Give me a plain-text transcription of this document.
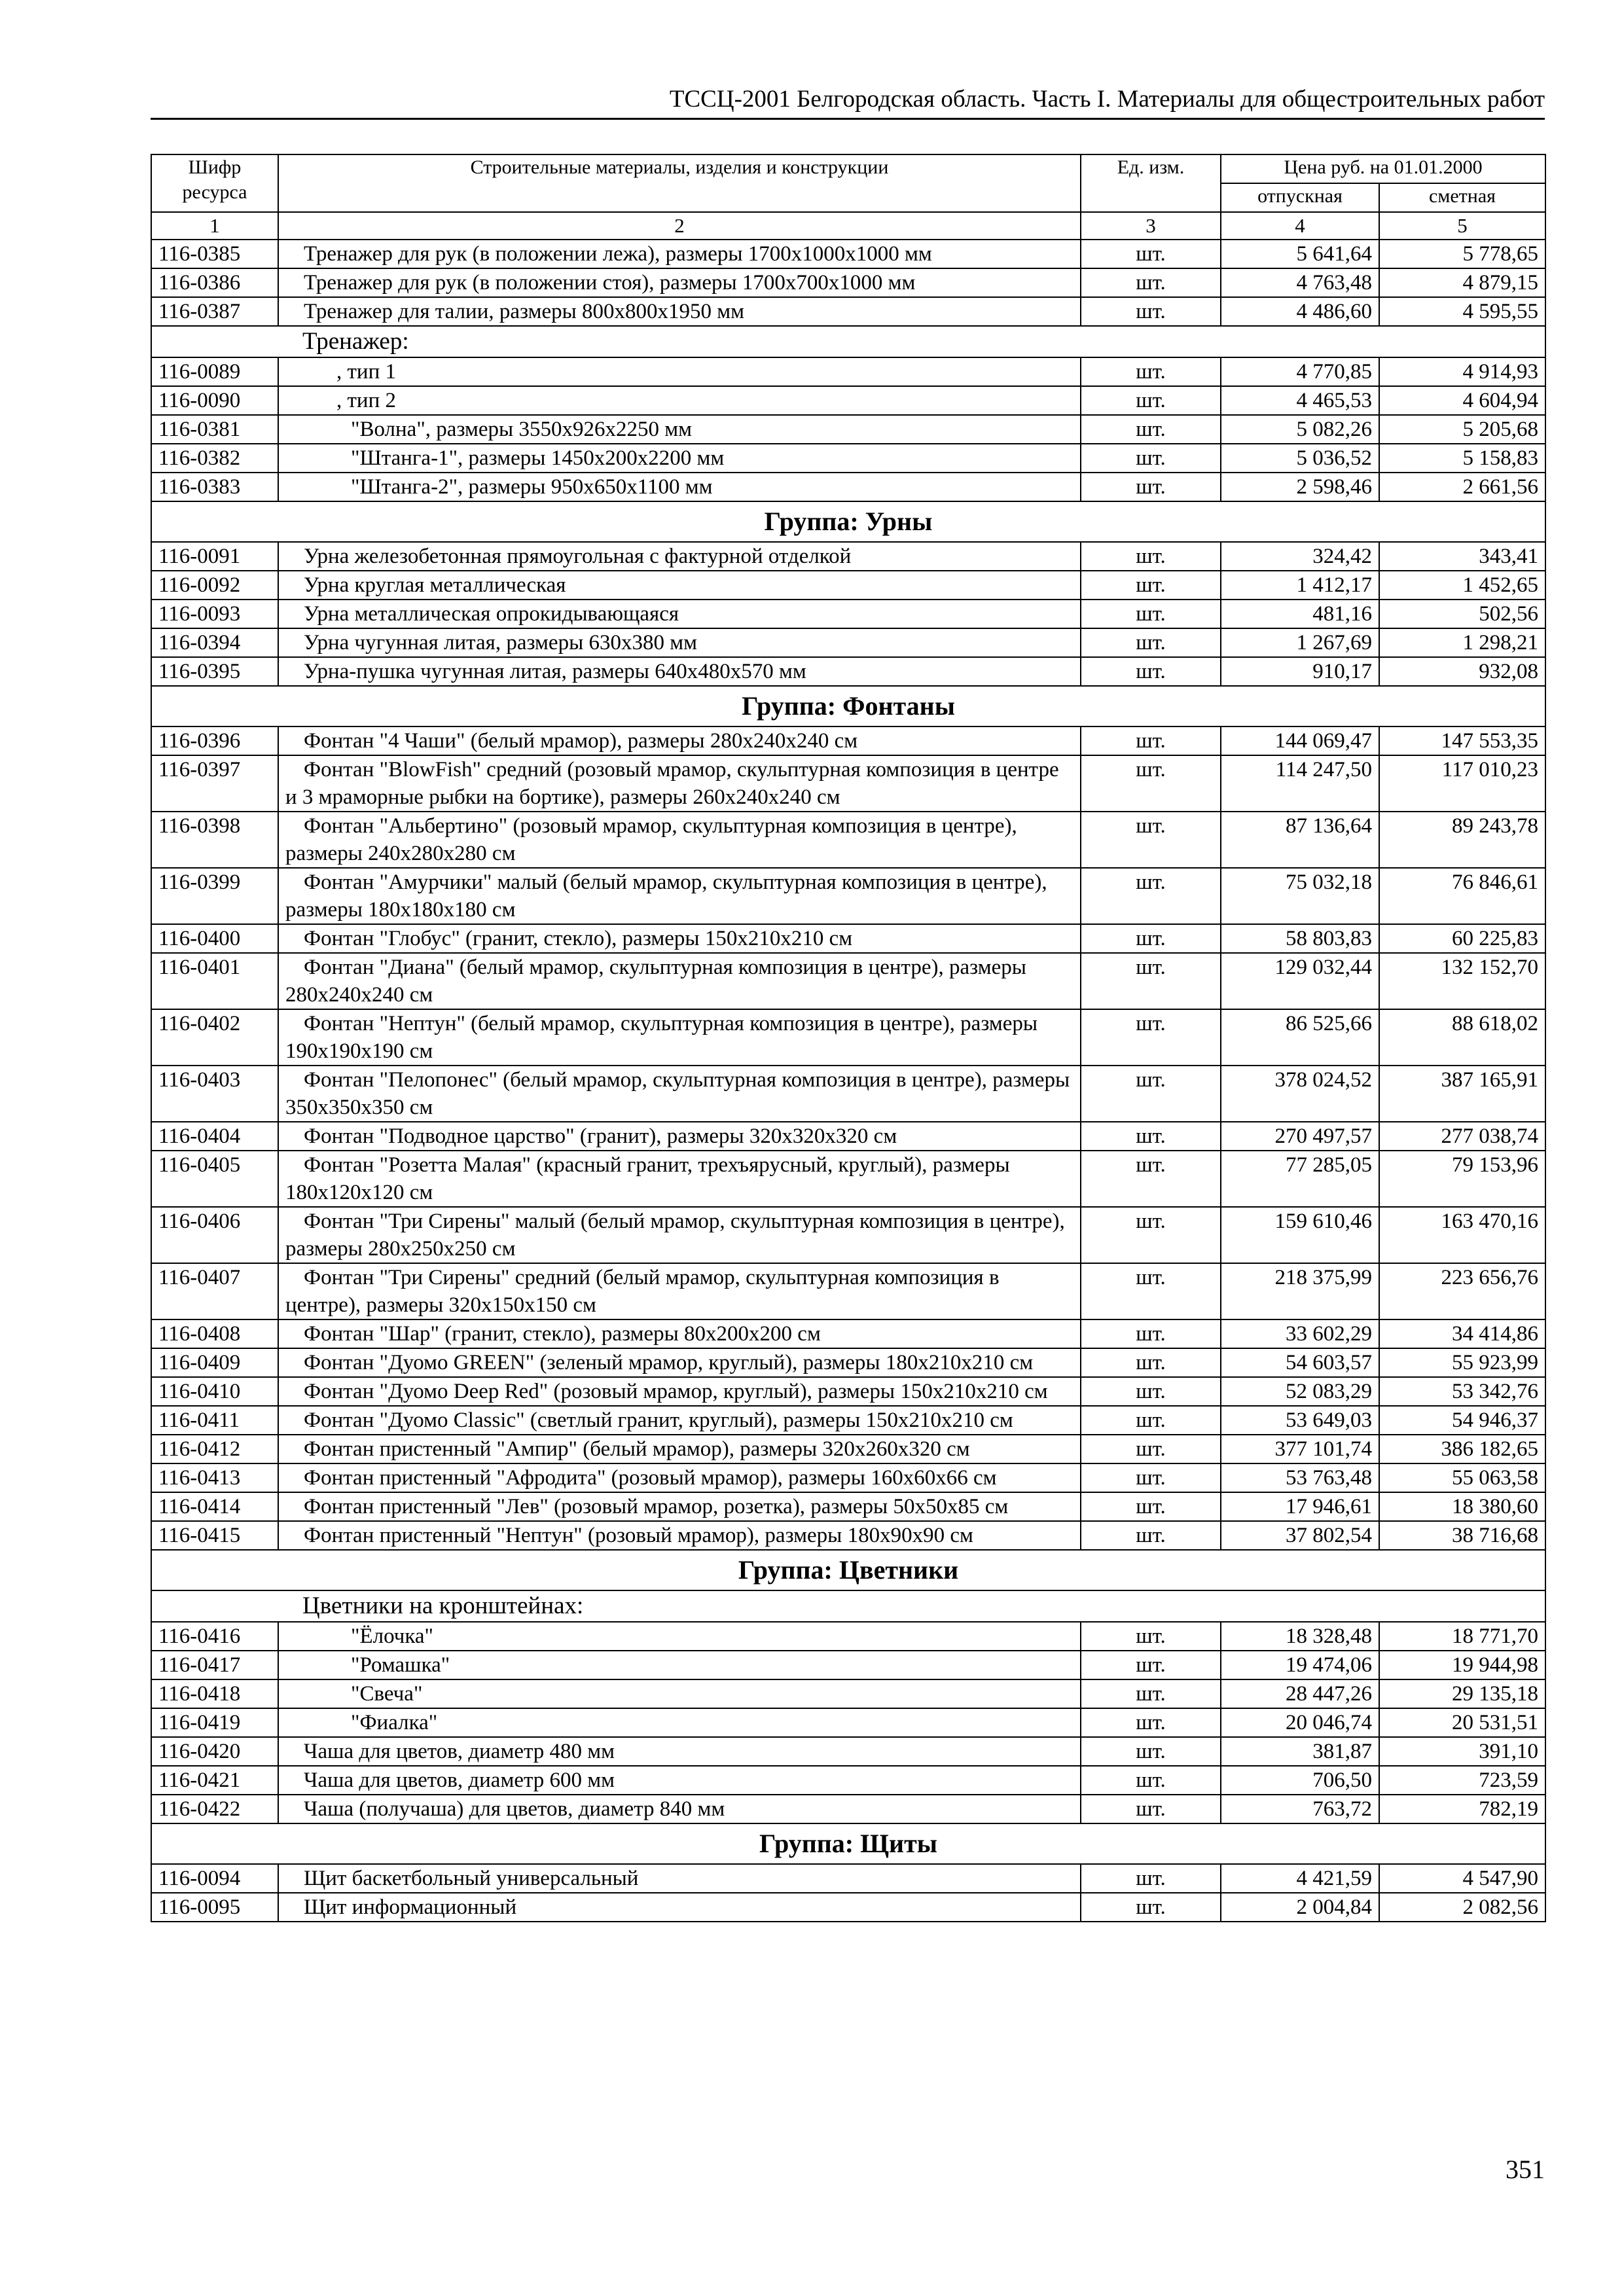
ТССЦ-2001 Белгородская область. Часть I. Материалы для общестроительных работ
Шифр ресурса	Строительные материалы, изделия и конструкции	Ед. изм.	Цена руб. на 01.01.2000	
			отпускная	сметная
1	2	3	4	5
116-0385	Тренажер для рук (в положении лежа), размеры 1700x1000x1000 мм	шт.	5 641,64	5 778,65
116-0386	Тренажер для рук (в положении стоя), размеры 1700x700x1000 мм	шт.	4 763,48	4 879,15
116-0387	Тренажер для талии, размеры 800x800x1950 мм	шт.	4 486,60	4 595,55
Тренажер:				
116-0089	, тип 1	шт.	4 770,85	4 914,93
116-0090	, тип 2	шт.	4 465,53	4 604,94
116-0381	"Волна", размеры 3550x926x2250 мм	шт.	5 082,26	5 205,68
116-0382	"Штанга-1", размеры 1450x200x2200 мм	шт.	5 036,52	5 158,83
116-0383	"Штанга-2", размеры 950x650x1100 мм	шт.	2 598,46	2 661,56
Группа: Урны				
116-0091	Урна железобетонная прямоугольная с фактурной отделкой	шт.	324,42	343,41
116-0092	Урна круглая металлическая	шт.	1 412,17	1 452,65
116-0093	Урна металлическая опрокидывающаяся	шт.	481,16	502,56
116-0394	Урна чугунная литая, размеры 630x380 мм	шт.	1 267,69	1 298,21
116-0395	Урна-пушка чугунная литая, размеры 640x480x570 мм	шт.	910,17	932,08
Группа: Фонтаны				
116-0396	Фонтан "4 Чаши" (белый мрамор), размеры 280x240x240 см	шт.	144 069,47	147 553,35
116-0397	Фонтан "BlowFish" средний (розовый мрамор, скульптурная композиция в центре и 3 мраморные рыбки на бортике), размеры 260x240x240 см	шт.	114 247,50	117 010,23
116-0398	Фонтан "Альбертино" (розовый мрамор, скульптурная композиция в центре), размеры 240x280x280 см	шт.	87 136,64	89 243,78
116-0399	Фонтан "Амурчики" малый (белый мрамор, скульптурная композиция в центре), размеры 180x180x180 см	шт.	75 032,18	76 846,61
116-0400	Фонтан "Глобус" (гранит, стекло), размеры 150x210x210 см	шт.	58 803,83	60 225,83
116-0401	Фонтан "Диана" (белый мрамор, скульптурная композиция в центре), размеры 280x240x240 см	шт.	129 032,44	132 152,70
116-0402	Фонтан "Нептун" (белый мрамор, скульптурная композиция в центре), размеры 190x190x190 см	шт.	86 525,66	88 618,02
116-0403	Фонтан "Пелопонес" (белый мрамор, скульптурная композиция в центре), размеры 350x350x350 см	шт.	378 024,52	387 165,91
116-0404	Фонтан "Подводное царство" (гранит), размеры 320x320x320 см	шт.	270 497,57	277 038,74
116-0405	Фонтан "Розетта Малая" (красный гранит, трехъярусный, круглый), размеры 180x120x120 см	шт.	77 285,05	79 153,96
116-0406	Фонтан "Три Сирены" малый (белый мрамор, скульптурная композиция в центре), размеры 280x250x250 см	шт.	159 610,46	163 470,16
116-0407	Фонтан "Три Сирены" средний (белый мрамор, скульптурная композиция в центре), размеры 320x150x150 см	шт.	218 375,99	223 656,76
116-0408	Фонтан "Шар" (гранит, стекло), размеры 80x200x200 см	шт.	33 602,29	34 414,86
116-0409	Фонтан "Дуомо GREEN" (зеленый мрамор, круглый), размеры 180x210x210 см	шт.	54 603,57	55 923,99
116-0410	Фонтан "Дуомо Deep Red" (розовый мрамор, круглый), размеры 150x210x210 см	шт.	52 083,29	53 342,76
116-0411	Фонтан "Дуомо Classic" (светлый гранит, круглый), размеры 150x210x210 см	шт.	53 649,03	54 946,37
116-0412	Фонтан пристенный "Ампир" (белый мрамор), размеры 320x260x320 см	шт.	377 101,74	386 182,65
116-0413	Фонтан пристенный "Афродита" (розовый мрамор), размеры 160x60x66 см	шт.	53 763,48	55 063,58
116-0414	Фонтан пристенный "Лев" (розовый мрамор, розетка), размеры 50x50x85 см	шт.	17 946,61	18 380,60
116-0415	Фонтан пристенный "Нептун" (розовый мрамор), размеры 180x90x90 см	шт.	37 802,54	38 716,68
Группа: Цветники				
Цветники на кронштейнах:				
116-0416	"Ёлочка"	шт.	18 328,48	18 771,70
116-0417	"Ромашка"	шт.	19 474,06	19 944,98
116-0418	"Свеча"	шт.	28 447,26	29 135,18
116-0419	"Фиалка"	шт.	20 046,74	20 531,51
116-0420	Чаша для цветов, диаметр 480 мм	шт.	381,87	391,10
116-0421	Чаша для цветов, диаметр 600 мм	шт.	706,50	723,59
116-0422	Чаша (получаша) для цветов, диаметр 840 мм	шт.	763,72	782,19
Группа: Щиты				
116-0094	Щит баскетбольный универсальный	шт.	4 421,59	4 547,90
116-0095	Щит информационный	шт.	2 004,84	2 082,56
351
